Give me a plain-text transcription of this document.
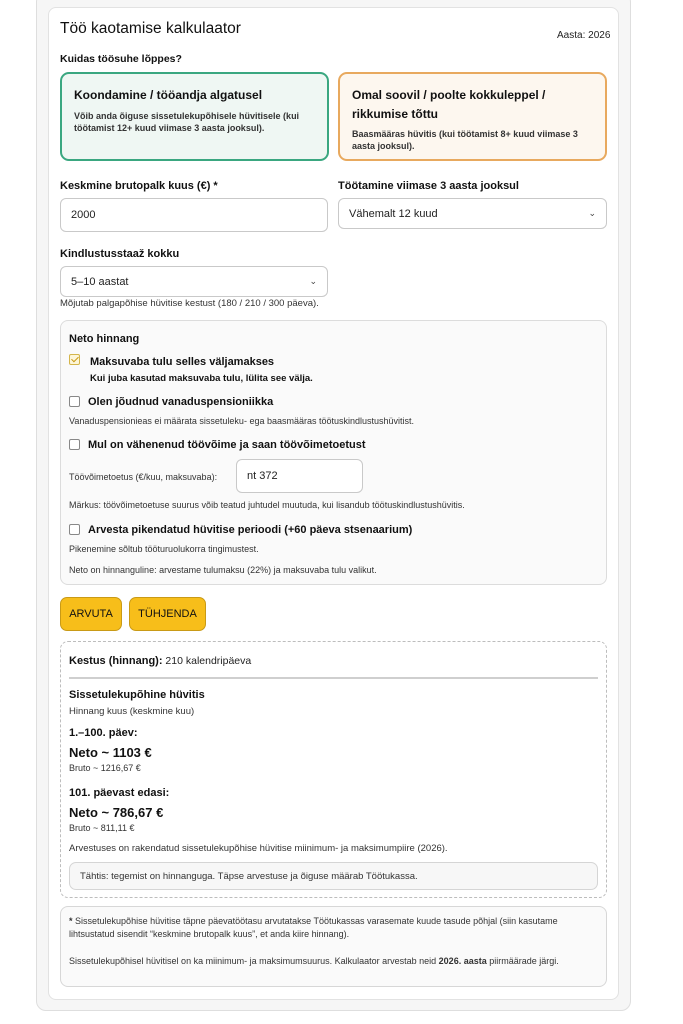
Töö kaotamise kalkulaator	Aasta: 2026
Kuidas töösuhe lõppes?
Koondamine / tööandja algatusel
Võib anda õiguse sissetulekupõhisele hüvitisele (kui töötamist 12+ kuud viimase 3 aasta jooksul).
Omal soovil / poolte kokkuleppel / rikkumise tõttu
Baasmääras hüvitis (kui töötamist 8+ kuud viimase 3 aasta jooksul).
Keskmine brutopalk kuus (€) *
2000
Töötamine viimase 3 aasta jooksul
Vähemalt 12 kuud	⌄
Kindlustusstaaž kokku
5–10 aastat	⌄
Mõjutab palgapõhise hüvitise kestust (180 / 210 / 300 päeva).
Neto hinnang
Maksuvaba tulu selles väljamakses
Kui juba kasutad maksuvaba tulu, lülita see välja.
Olen jõudnud vanaduspensioniikka
Vanaduspensionieas ei määrata sissetuleku- ega baasmääras töötuskindlustushüvitist.
Mul on vähenenud töövõime ja saan töövõimetoetust
Töövõimetoetus (€/kuu, maksuvaba):	nt 372
Märkus: töövõimetoetuse suurus võib teatud juhtudel muutuda, kui lisandub töötuskindlustushüvitis.
Arvesta pikendatud hüvitise perioodi (+60 päeva stsenaarium)
Pikenemine sõltub tööturuolukorra tingimustest.
Neto on hinnanguline: arvestame tulumaksu (22%) ja maksuvaba tulu valikut.
ARVUTA	TÜHJENDA
Kestus (hinnang): 210 kalendripäeva
Sissetulekupõhine hüvitis
Hinnang kuus (keskmine kuu)
1.–100. päev:
Neto ~ 1103 €
Bruto ~ 1216,67 €
101. päevast edasi:
Neto ~ 786,67 €
Bruto ~ 811,11 €
Arvestuses on rakendatud sissetulekupõhise hüvitise miinimum- ja maksimumpiire (2026).
Tähtis: tegemist on hinnanguga. Täpse arvestuse ja õiguse määrab Töötukassa.
* Sissetulekupõhise hüvitise täpne päevatöötasu arvutatakse Töötukassas varasemate kuude tasude põhjal (siin kasutame lihtsustatud sisendit “keskmine brutopalk kuus”, et anda kiire hinnang).
Sissetulekupõhisel hüvitisel on ka miinimum- ja maksimumsuurus. Kalkulaator arvestab neid 2026. aasta piirmäärade järgi.
